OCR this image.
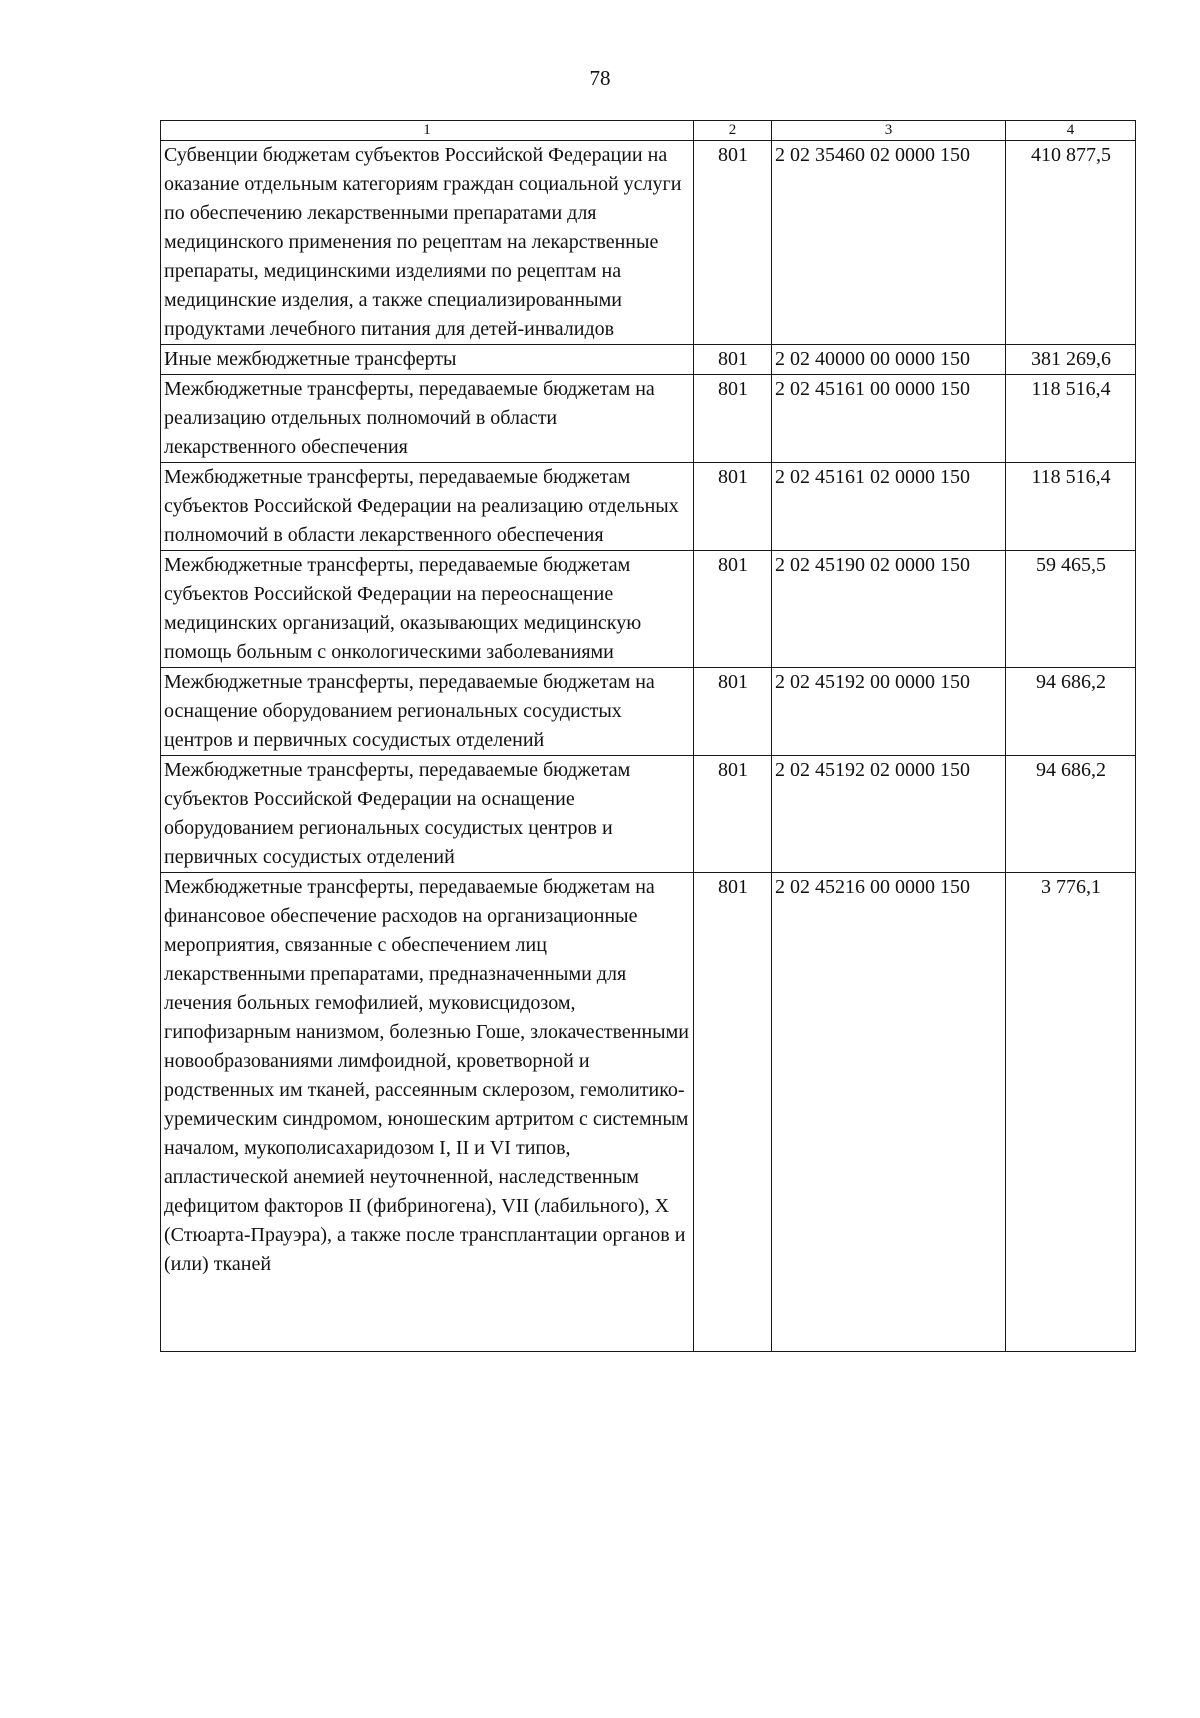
78
1	2	3	4
Субвенции бюджетам субъектов Российской Федерации на оказание отдельным категориям граждан социальной услуги по обеспечению лекарственными препаратами для медицинского применения по рецептам на лекарственные препараты, медицинскими изделиями по рецептам на медицинские изделия, а также специализированными продуктами лечебного питания для детей-инвалидов	801	2 02 35460 02 0000 150	410 877,5
Иные межбюджетные трансферты	801	2 02 40000 00 0000 150	381 269,6
Межбюджетные трансферты, передаваемые бюджетам на реализацию отдельных полномочий в области лекарственного обеспечения	801	2 02 45161 00 0000 150	118 516,4
Межбюджетные трансферты, передаваемые бюджетам субъектов Российской Федерации на реализацию отдельных полномочий в области лекарственного обеспечения	801	2 02 45161 02 0000 150	118 516,4
Межбюджетные трансферты, передаваемые бюджетам субъектов Российской Федерации на переоснащение медицинских организаций, оказывающих медицинскую помощь больным с онкологическими заболеваниями	801	2 02 45190 02 0000 150	59 465,5
Межбюджетные трансферты, передаваемые бюджетам на оснащение оборудованием региональных сосудистых центров и первичных сосудистых отделений	801	2 02 45192 00 0000 150	94 686,2
Межбюджетные трансферты, передаваемые бюджетам субъектов Российской Федерации на оснащение оборудованием региональных сосудистых центров и первичных сосудистых отделений	801	2 02 45192 02 0000 150	94 686,2
Межбюджетные трансферты, передаваемые бюджетам на финансовое обеспечение расходов на организационные мероприятия, связанные с обеспечением лиц лекарственными препаратами, предназначенными для лечения больных гемофилией, муковисцидозом, гипофизарным нанизмом, болезнью Гоше, злокачественными новообразованиями лимфоидной, кроветворной и родственных им тканей, рассеянным склерозом, гемолитико-уремическим синдромом, юношеским артритом с системным началом, мукополисахаридозом I, II и VI типов, апластической анемией неуточненной, наследственным дефицитом факторов II (фибриногена), VII (лабильного), X (Стюарта-Прауэра), а также после трансплантации органов и (или) тканей	801	2 02 45216 00 0000 150	3 776,1
